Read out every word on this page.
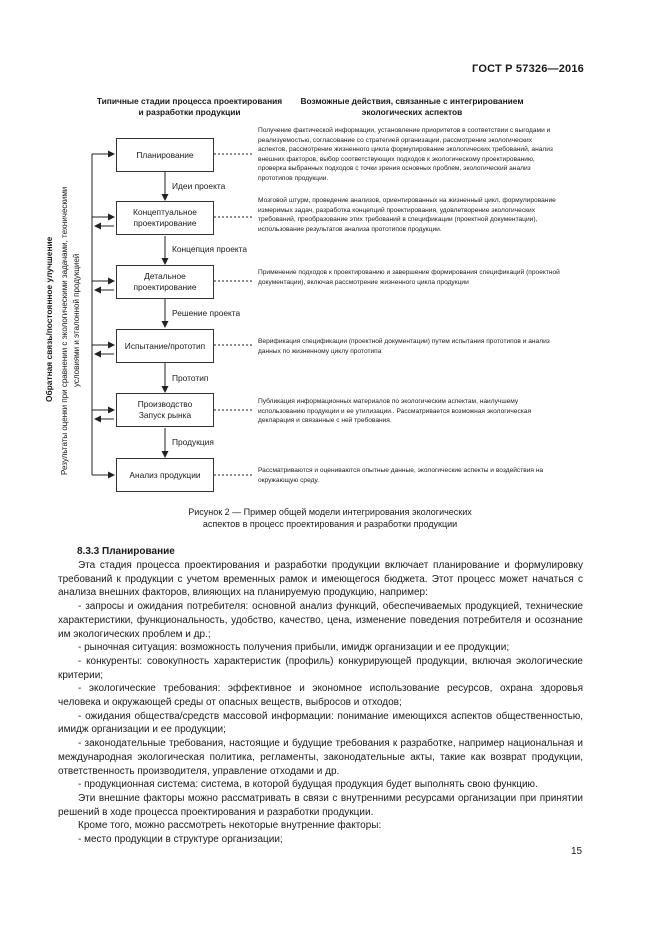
ГОСТ Р 57326—2016
Типичные стадии процесса проектирования
и разработки продукции
Возможные действия, связанные с интегрированием
экологических аспектов
Планирование
Концептуальное
проектирование
Детальное
проектирование
Испытание/прототип
Производство
Запуск рынка
Анализ продукции
Идеи проекта
Концепция проекта
Решение проекта
Прототип
Продукция
Получение фактической информации, установление приоритетов в соответствии с выгодами и реализуемостью, согласование со стратегией организации, рассмотрение экологических аспектов, рассмотрение жизненного цикла формулирование экологических требований, анализ внешних факторов, выбор соответствующих подходов к экологическому проектированию, проверка выбранных подходов с точки зрения основных проблем, экологический анализ прототипов продукции.
Мозговой штурм, проведение анализов, ориентированных на жизненный цикл, формулирование измеримых задач, разработка концепций проектирования, удовлетворение экологических требований, преобразование этих требований в спецификации (проектной документации), использование результатов анализа прототипов продукции.
Применение подходов к проектированию и завершение формирования спецификаций (проектной документации), включая рассмотрение жизненного цикла продукции
Верификация спецификации (проектной документации) путем испытания прототипов и анализ данных по жизненному циклу прототипа
Публикация информационных материалов по экологическим аспектам, наилучшему использованию продукции и ее утилизации.. Рассматривается возможная экологическая декларация и связанные с ней требования.
Рассматриваются и оцениваются опытные данные, экологические аспекты и воздействия на окружающую среду.
Обратная связь/постоянное улучшение Результаты оценки при сравнении с экологическими задачами, техническими условиями и эталонной продукцией
Рисунок 2 — Пример общей модели интегрирования экологических
аспектов в процесс проектирования и разработки продукции
8.3.3 Планирование

Эта стадия процесса проектирования и разработки продукции включает планирование и формулировку требований к продукции с учетом временных рамок и имеющегося бюджета. Этот процесс может начаться с анализа внешних факторов, влияющих на планируемую продукцию, например:

- запросы и ожидания потребителя: основной анализ функций, обеспечиваемых продукцией, технические характеристики, функциональность, удобство, качество, цена, изменение поведения потребителя и осознание им экологических проблем и др.;

- рыночная ситуация: возможность получения прибыли, имидж организации и ее продукции;

- конкуренты: совокупность характеристик (профиль) конкурирующей продукции, включая экологические критерии;

- экологические требования: эффективное и экономное использование ресурсов, охрана здоровья человека и окружающей среды от опасных веществ, выбросов и отходов;

- ожидания общества/средств массовой информации: понимание имеющихся аспектов общественностью, имидж организации и ее продукции;

- законодательные требования, настоящие и будущие требования к разработке, например национальная и международная экологическая политика, регламенты, законодательные акты, такие как возврат продукции, ответственность производителя, управление отходами и др.

- продукционная система: система, в которой будущая продукция будет выполнять свою функцию.

Эти внешние факторы можно рассматривать в связи с внутренними ресурсами организации при принятии решений в ходе процесса проектирования и разработки продукции.

Кроме того, можно рассмотреть некоторые внутренние факторы:

- место продукции в структуре организации;

15
